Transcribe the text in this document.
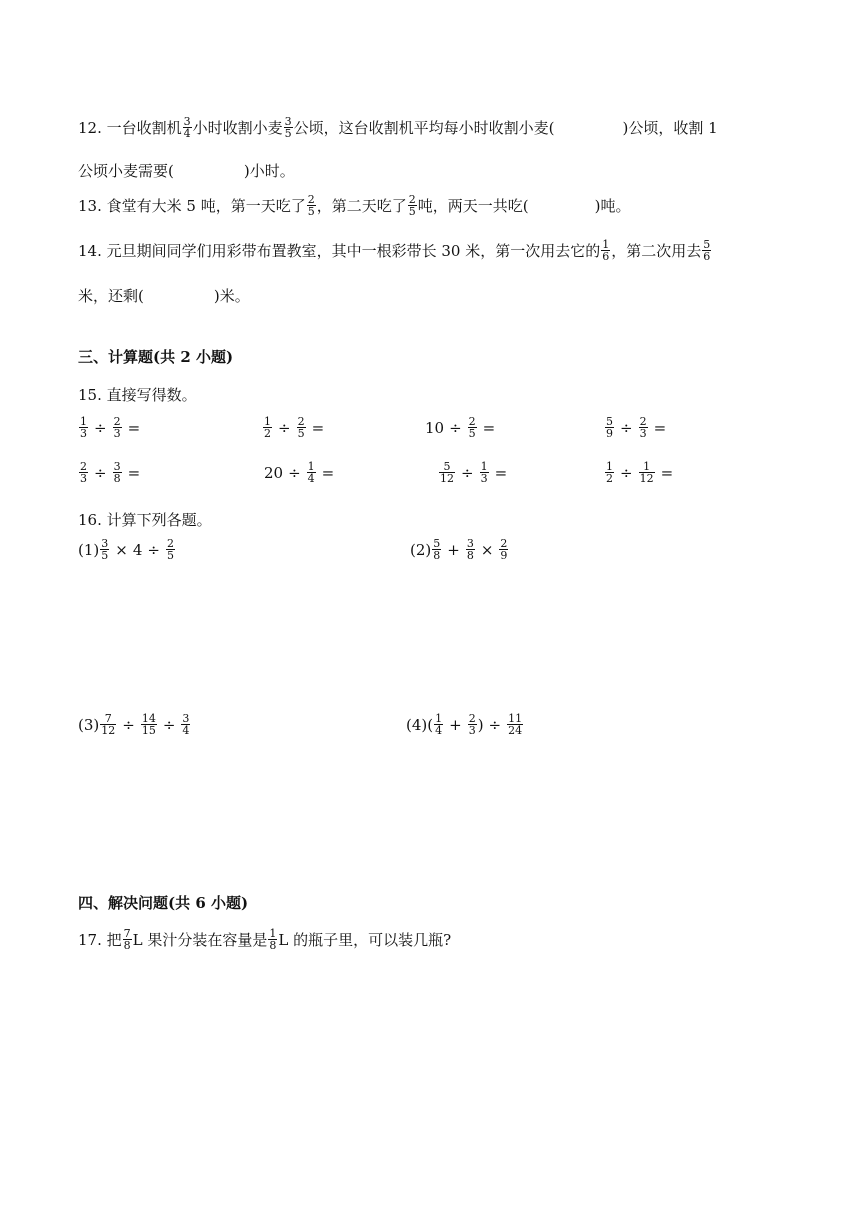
12. 一台收割机 $\frac{3}{4}$ 小时收割小麦 $\frac{3}{5}$ 公顷，这台收割机平均每小时收割小麦(	)公顷，收割 1
公顷小麦需要(	)小时。
13. 食堂有大米 5 吨，第一天吃了 $\frac{2}{5}$ ，第二天吃了 $\frac{2}{5}$ 吨，两天一共吃(	)吨。
14. 元旦期间同学们用彩带布置教室，其中一根彩带长 30 米，第一次用去它的 $\frac{1}{6}$ ，第二次用去 $\frac{5}{6}$
米，还剩(	)米。
三、计算题(共 2 小题)
15. 直接写得数。
$\frac{1}{3} \div \frac{2}{3}$ =	$\frac{1}{2} \div \frac{2}{5}$ =	$10 \div \frac{2}{5}$ =	$\frac{5}{9} \div \frac{2}{3}$ =
$\frac{2}{3} \div \frac{3}{8}$ =	$20 \div \frac{1}{4}$ =	$\frac{5}{12} \div \frac{1}{3}$ =	$\frac{1}{2} \div \frac{1}{12}$ =
16. 计算下列各题。
$(1) \frac{3}{5} \times 4 \div \frac{2}{5}$	$(2) \frac{5}{8} + \frac{3}{8} \times \frac{2}{9}$
$(3) \frac{7}{12} \div \frac{14}{15} \div \frac{3}{4}$	(4) ( $\frac{1}{4} + \frac{2}{3}$ ) ÷ $\frac{11}{24}$
四、解决问题(共 6 小题)
17. 把 $\frac{7}{8}$ L 果汁分装在容量是 $\frac{1}{8}$ L 的瓶子里，可以装几瓶?
